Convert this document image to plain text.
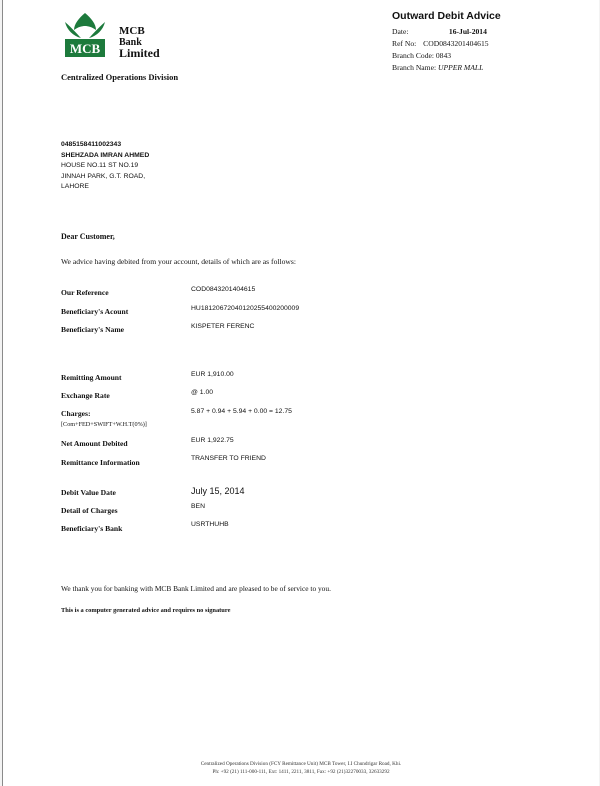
MCB
MCB
Bank
Limited
Centralized Operations Division
Outward Debit Advice
Date:	16-Jul-2014
Ref No: COD0843201404615
Branch Code: 0843
Branch Name: UPPER MALL
0485158411002343
SHEHZADA IMRAN AHMED
HOUSE NO.11 ST NO.19
JINNAH PARK, G.T. ROAD,
LAHORE
Dear Customer,
We advice having debited from your account, details of which are as follows:
Our Reference	COD0843201404615
Beneficiary's Acount	HU18120672040120255400200009
Beneficiary's Name	KISPETER FERENC
Remitting Amount	EUR 1,910.00
Exchange Rate	@ 1.00
Charges:
[Com+FED+SWIFT+W.H.T(0%)]
5.87 + 0.94 + 5.94 + 0.00 = 12.75
Net Amount Debited	EUR 1,922.75
Remittance Information	TRANSFER TO FRIEND
Debit Value Date	July 15, 2014
Detail of Charges	BEN
Beneficiary's Bank	USRTHUHB
We thank you for banking with MCB Bank Limited and are pleased to be of service to you.
This is a computer generated advice and requires no signature
Centralized Operations Division (FCY Remittance Unit) MCB Tower, I.I Chundrigar Road, Khi.
Ph: +92 (21) 111-000-111, Ext: 1411, 2211, 3811, Fax: +92 (21)32270033, 32633292
